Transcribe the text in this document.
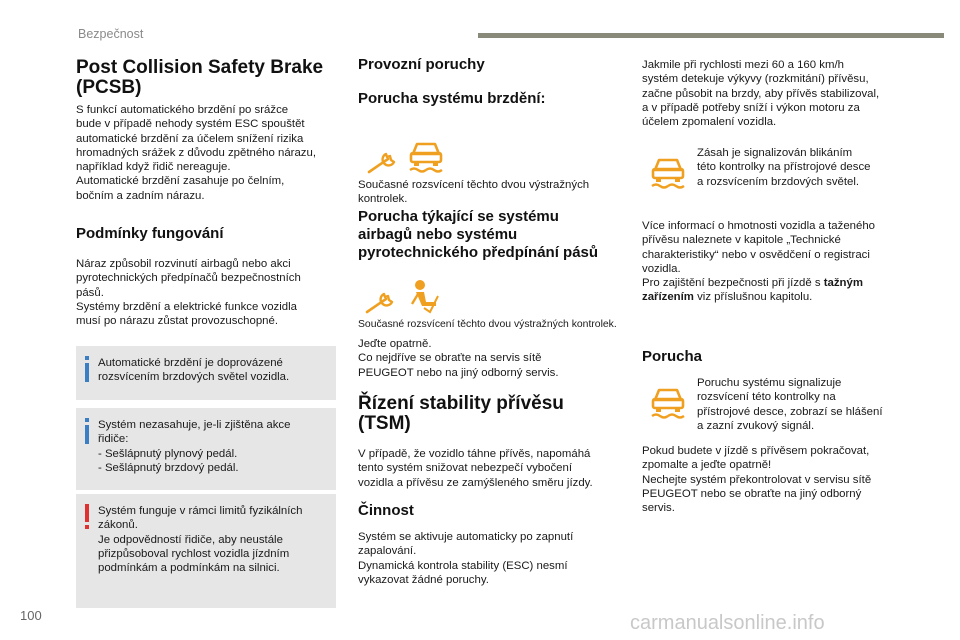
Bezpečnost
Post Collision Safety Brake (PCSB)

S funkcí automatického brzdění po srážce
bude v případě nehody systém ESC spouštět
automatické brzdění za účelem snížení rizika
hromadných srážek z důvodu zpětného nárazu,
například když řidič nereaguje.
Automatické brzdění zasahuje po čelním,
bočním a zadním nárazu.

Podmínky fungování

Náraz způsobil rozvinutí airbagů nebo akci
pyrotechnických předpínačů bezpečnostních
pásů.
Systémy brzdění a elektrické funkce vozidla
musí po nárazu zůstat provozuschopné.

Automatické brzdění je doprovázené
rozsvícením brzdových světel vozidla.

Systém nezasahuje, je-li zjištěna akce
řidiče:
- Sešlápnutý plynový pedál.
- Sešlápnutý brzdový pedál.

Systém funguje v rámci limitů fyzikálních
zákonů.
Je odpovědností řidiče, aby neustále
přizpůsoboval rychlost vozidla jízdním
podmínkám a podmínkám na silnici.

Provozní poruchy
Porucha systému brzdění:

Současné rozsvícení těchto dvou výstražných
kontrolek.

Porucha týkající se systému
airbagů nebo systému
pyrotechnického předpínání pásů

Současné rozsvícení těchto dvou výstražných kontrolek.

Jeďte opatrně.
Co nejdříve se obraťte na servis sítě
PEUGEOT nebo na jiný odborný servis.

Řízení stability přívěsu
(TSM)

V případě, že vozidlo táhne přívěs, napomáhá
tento systém snižovat nebezpečí vybočení
vozidla a přívěsu ze zamýšleného směru jízdy.

Činnost

Systém se aktivuje automaticky po zapnutí
zapalování.
Dynamická kontrola stability (ESC) nesmí
vykazovat žádné poruchy.

Jakmile při rychlosti mezi 60 a 160 km/h
systém detekuje výkyvy (rozkmitání) přívěsu,
začne působit na brzdy, aby přívěs stabilizoval,
a v případě potřeby sníží i výkon motoru za
účelem zpomalení vozidla.

Zásah je signalizován blikáním
této kontrolky na přístrojové desce
a rozsvícením brzdových světel.

Více informací o hmotnosti vozidla a taženého
přívěsu naleznete v kapitole „Technické
charakteristiky“ nebo v osvědčení o registraci
vozidla.
Pro zajištění bezpečnosti při jízdě s tažným
zařízením viz příslušnou kapitolu.

Porucha

Poruchu systému signalizuje
rozsvícení této kontrolky na
přístrojové desce, zobrazí se hlášení
a zazní zvukový signál.

Pokud budete v jízdě s přívěsem pokračovat,
zpomalte a jeďte opatrně!
Nechejte systém překontrolovat v servisu sítě
PEUGEOT nebo se obraťte na jiný odborný
servis.

100	carmanualsonline.info
